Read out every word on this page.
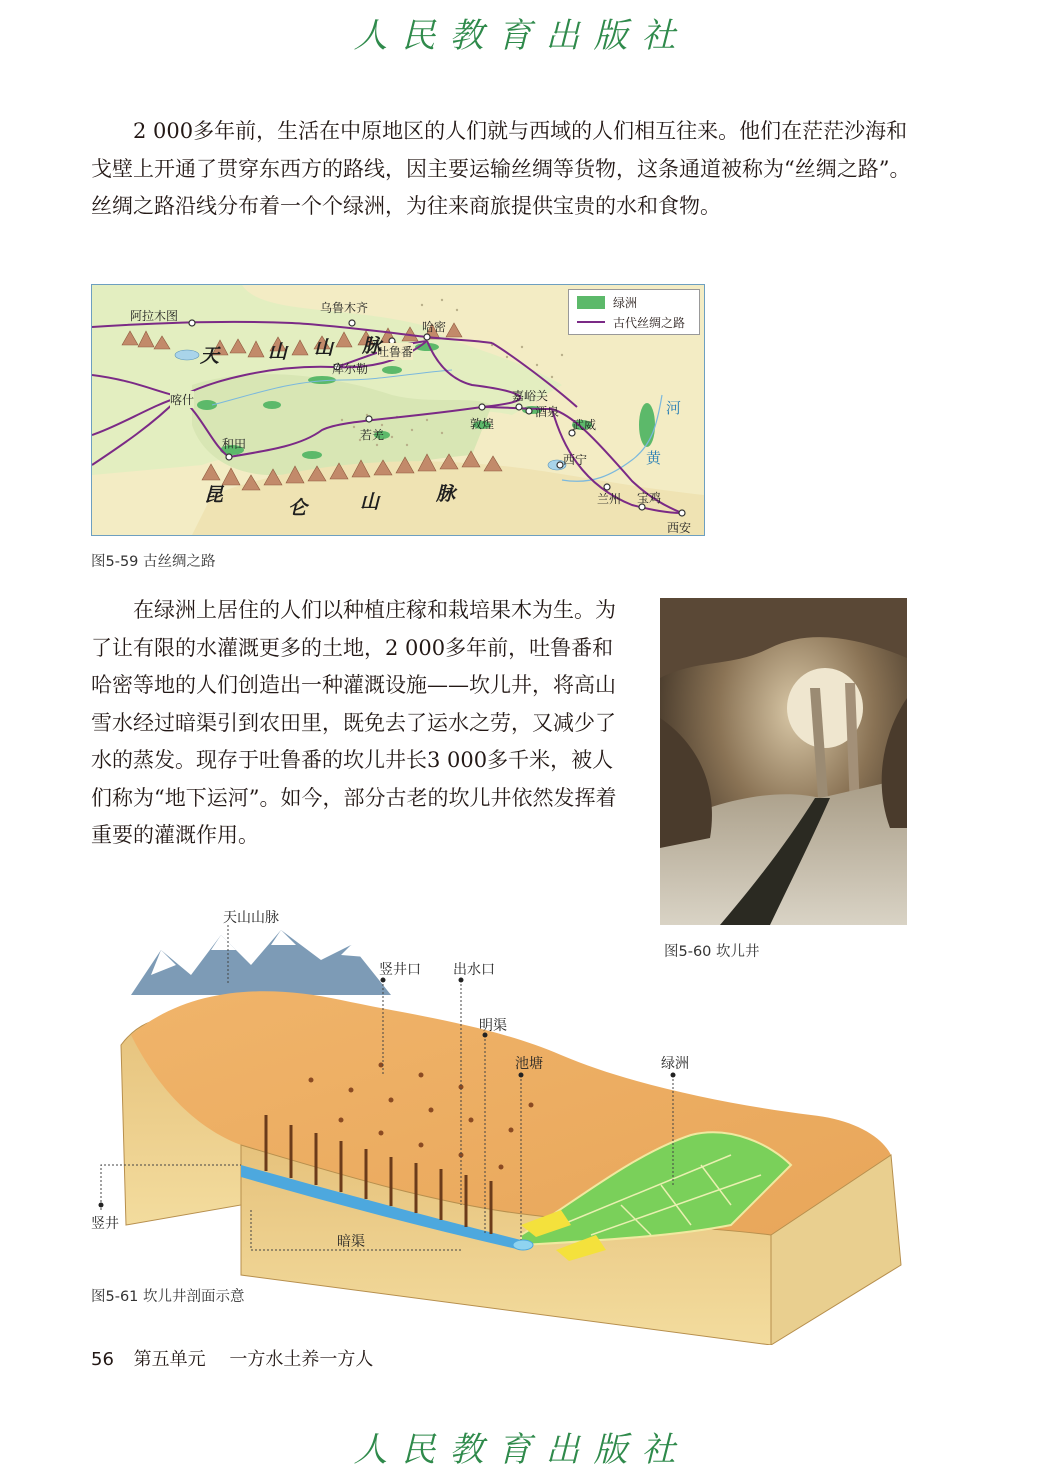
人民教育出版社

2 000多年前，生活在中原地区的人们就与西域的人们相互往来。他们在茫茫沙海和戈壁上开通了贯穿东西方的路线，因主要运输丝绸等货物，这条通道被称为“丝绸之路”。丝绸之路沿线分布着一个个绿洲，为往来商旅提供宝贵的水和食物。

绿洲
古代丝绸之路
阿拉木图
乌鲁木齐
哈密
吐鲁番
库尔勒
喀什
和田
若羌
敦煌
嘉峪关
酒泉
武威
西宁
兰州 宝鸡
西安
天	山 山 脉
昆
仑	山	脉
河
黄
图5-59 古丝绸之路

在绿洲上居住的人们以种植庄稼和栽培果木为生。为了让有限的水灌溉更多的土地，2 000多年前，吐鲁番和哈密等地的人们创造出一种灌溉设施——坎儿井，将高山雪水经过暗渠引到农田里，既免去了运水之劳，又减少了水的蒸发。现存于吐鲁番的坎儿井长3 000多千米，被人们称为“地下运河”。如今，部分古老的坎儿井依然发挥着重要的灌溉作用。

图5-60 坎儿井
天山山脉
竖井口 出水口
明渠
池塘	绿洲
竖井
暗渠
图5-61 坎儿井剖面示意
56 第五单元 一方水土养一方人
人民教育出版社
